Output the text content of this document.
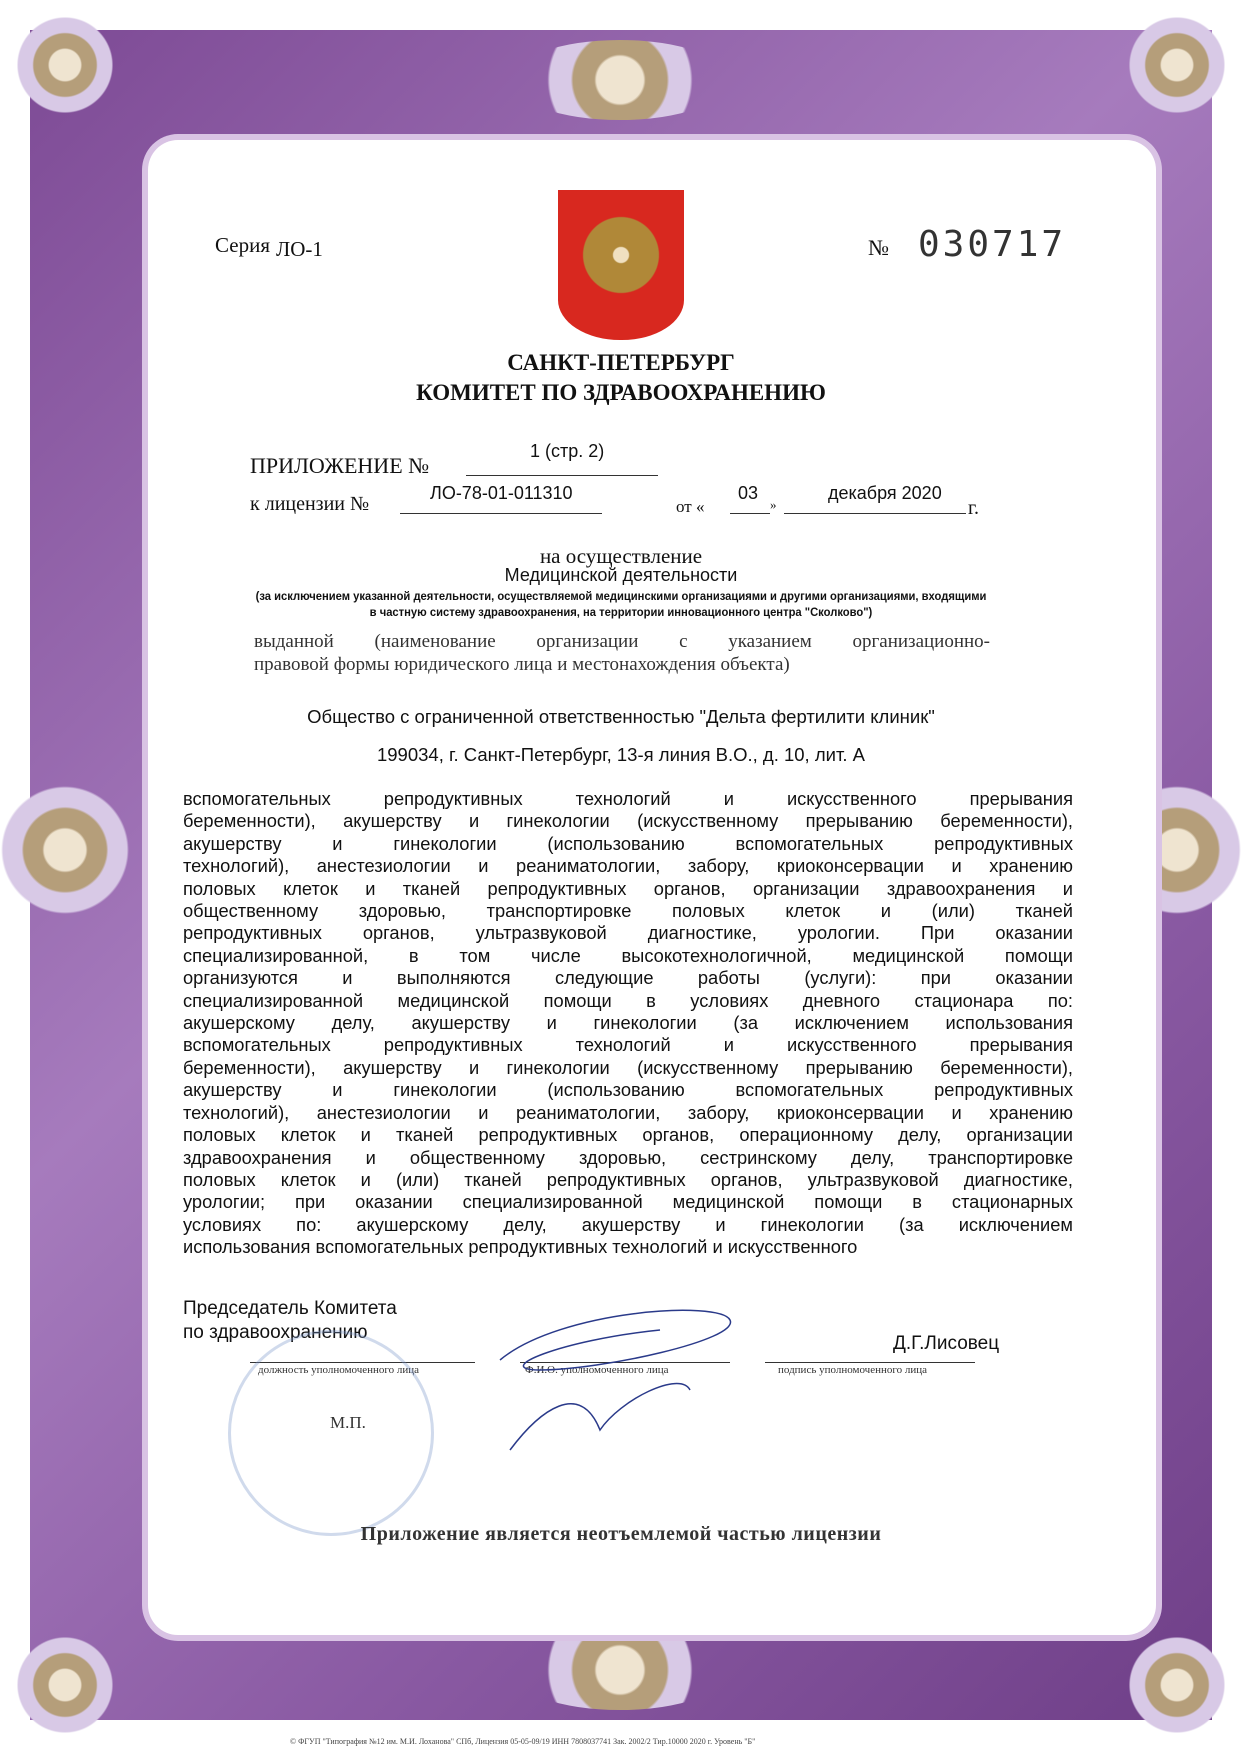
Серия ЛО-1	№ 030717
САНКТ-ПЕТЕРБУРГ
КОМИТЕТ ПО ЗДРАВООХРАНЕНИЮ
ПРИЛОЖЕНИЕ №
1 (стр. 2)
к лицензии №	ЛО-78-01-011310
от «
03
»
декабря 2020
г.
на осуществление
Медицинской деятельности
(за исключением указанной деятельности, осуществляемой медицинскими организациями и другими организациями, входящими
в частную систему здравоохранения, на территории инновационного центра "Сколково")
выданной (наименование организации с указанием организационно-
правовой формы юридического лица и местонахождения объекта)
Общество с ограниченной ответственностью "Дельта фертилити клиник"
199034, г. Санкт-Петербург, 13-я линия В.О., д. 10, лит. А
вспомогательных репродуктивных технологий и искусственного прерывания
беременности), акушерству и гинекологии (искусственному прерыванию беременности),
акушерству и гинекологии (использованию вспомогательных репродуктивных
технологий), анестезиологии и реаниматологии, забору, криоконсервации и хранению
половых клеток и тканей репродуктивных органов, организации здравоохранения и
общественному здоровью, транспортировке половых клеток и (или) тканей
репродуктивных органов, ультразвуковой диагностике, урологии. При оказании
специализированной, в том числе высокотехнологичной, медицинской помощи
организуются и выполняются следующие работы (услуги): при оказании
специализированной медицинской помощи в условиях дневного стационара по:
акушерскому делу, акушерству и гинекологии (за исключением использования
вспомогательных репродуктивных технологий и искусственного прерывания
беременности), акушерству и гинекологии (искусственному прерыванию беременности),
акушерству и гинекологии (использованию вспомогательных репродуктивных
технологий), анестезиологии и реаниматологии, забору, криоконсервации и хранению
половых клеток и тканей репродуктивных органов, операционному делу, организации
здравоохранения и общественному здоровью, сестринскому делу, транспортировке
половых клеток и (или) тканей репродуктивных органов, ультразвуковой диагностике,
урологии; при оказании специализированной медицинской помощи в стационарных
условиях по: акушерскому делу, акушерству и гинекологии (за исключением
использования вспомогательных репродуктивных технологий и искусственного
Председатель Комитета
по здравоохранению
Д.Г.Лисовец
должность уполномоченного лица	Ф.И.О. уполномоченного лица	подпись уполномоченного лица
М.П.
Приложение является неотъемлемой частью лицензии
© ФГУП "Типография №12 им. М.И. Лоханова" СПб, Лицензия 05-05-09/19 ИНН 7808037741 Зак. 2002/2 Тир.10000 2020 г. Уровень "Б"
